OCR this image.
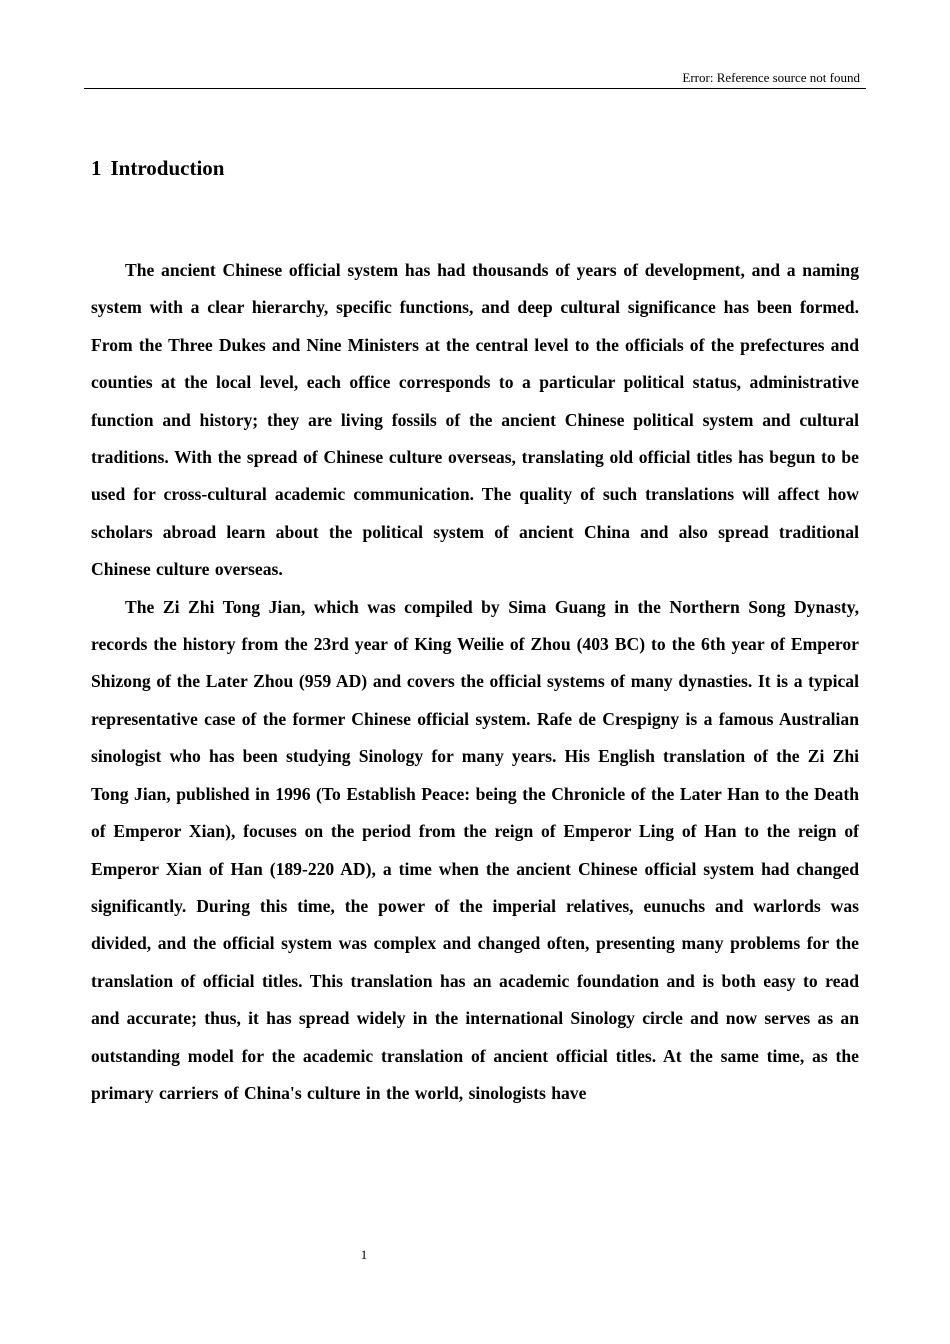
Error: Reference source not found
1 Introduction

The ancient Chinese official system has had thousands of years of development, and a naming system with a clear hierarchy, specific functions, and deep cultural significance has been formed. From the Three Dukes and Nine Ministers at the central level to the officials of the prefectures and counties at the local level, each office corresponds to a particular political status, administrative function and history; they are living fossils of the ancient Chinese political system and cultural traditions. With the spread of Chinese culture overseas, translating old official titles has begun to be used for cross-cultural academic communication. The quality of such translations will affect how scholars abroad learn about the political system of ancient China and also spread traditional Chinese culture overseas.

The Zi Zhi Tong Jian, which was compiled by Sima Guang in the Northern Song Dynasty, records the history from the 23rd year of King Weilie of Zhou (403 BC) to the 6th year of Emperor Shizong of the Later Zhou (959 AD) and covers the official systems of many dynasties. It is a typical representative case of the former Chinese official system. Rafe de Crespigny is a famous Australian sinologist who has been studying Sinology for many years. His English translation of the Zi Zhi Tong Jian, published in 1996 (To Establish Peace: being the Chronicle of the Later Han to the Death of Emperor Xian), focuses on the period from the reign of Emperor Ling of Han to the reign of Emperor Xian of Han (189-220 AD), a time when the ancient Chinese official system had changed significantly. During this time, the power of the imperial relatives, eunuchs and warlords was divided, and the official system was complex and changed often, presenting many problems for the translation of official titles. This translation has an academic foundation and is both easy to read and accurate; thus, it has spread widely in the international Sinology circle and now serves as an outstanding model for the academic translation of ancient official titles. At the same time, as the primary carriers of China's culture in the world, sinologists have

1
